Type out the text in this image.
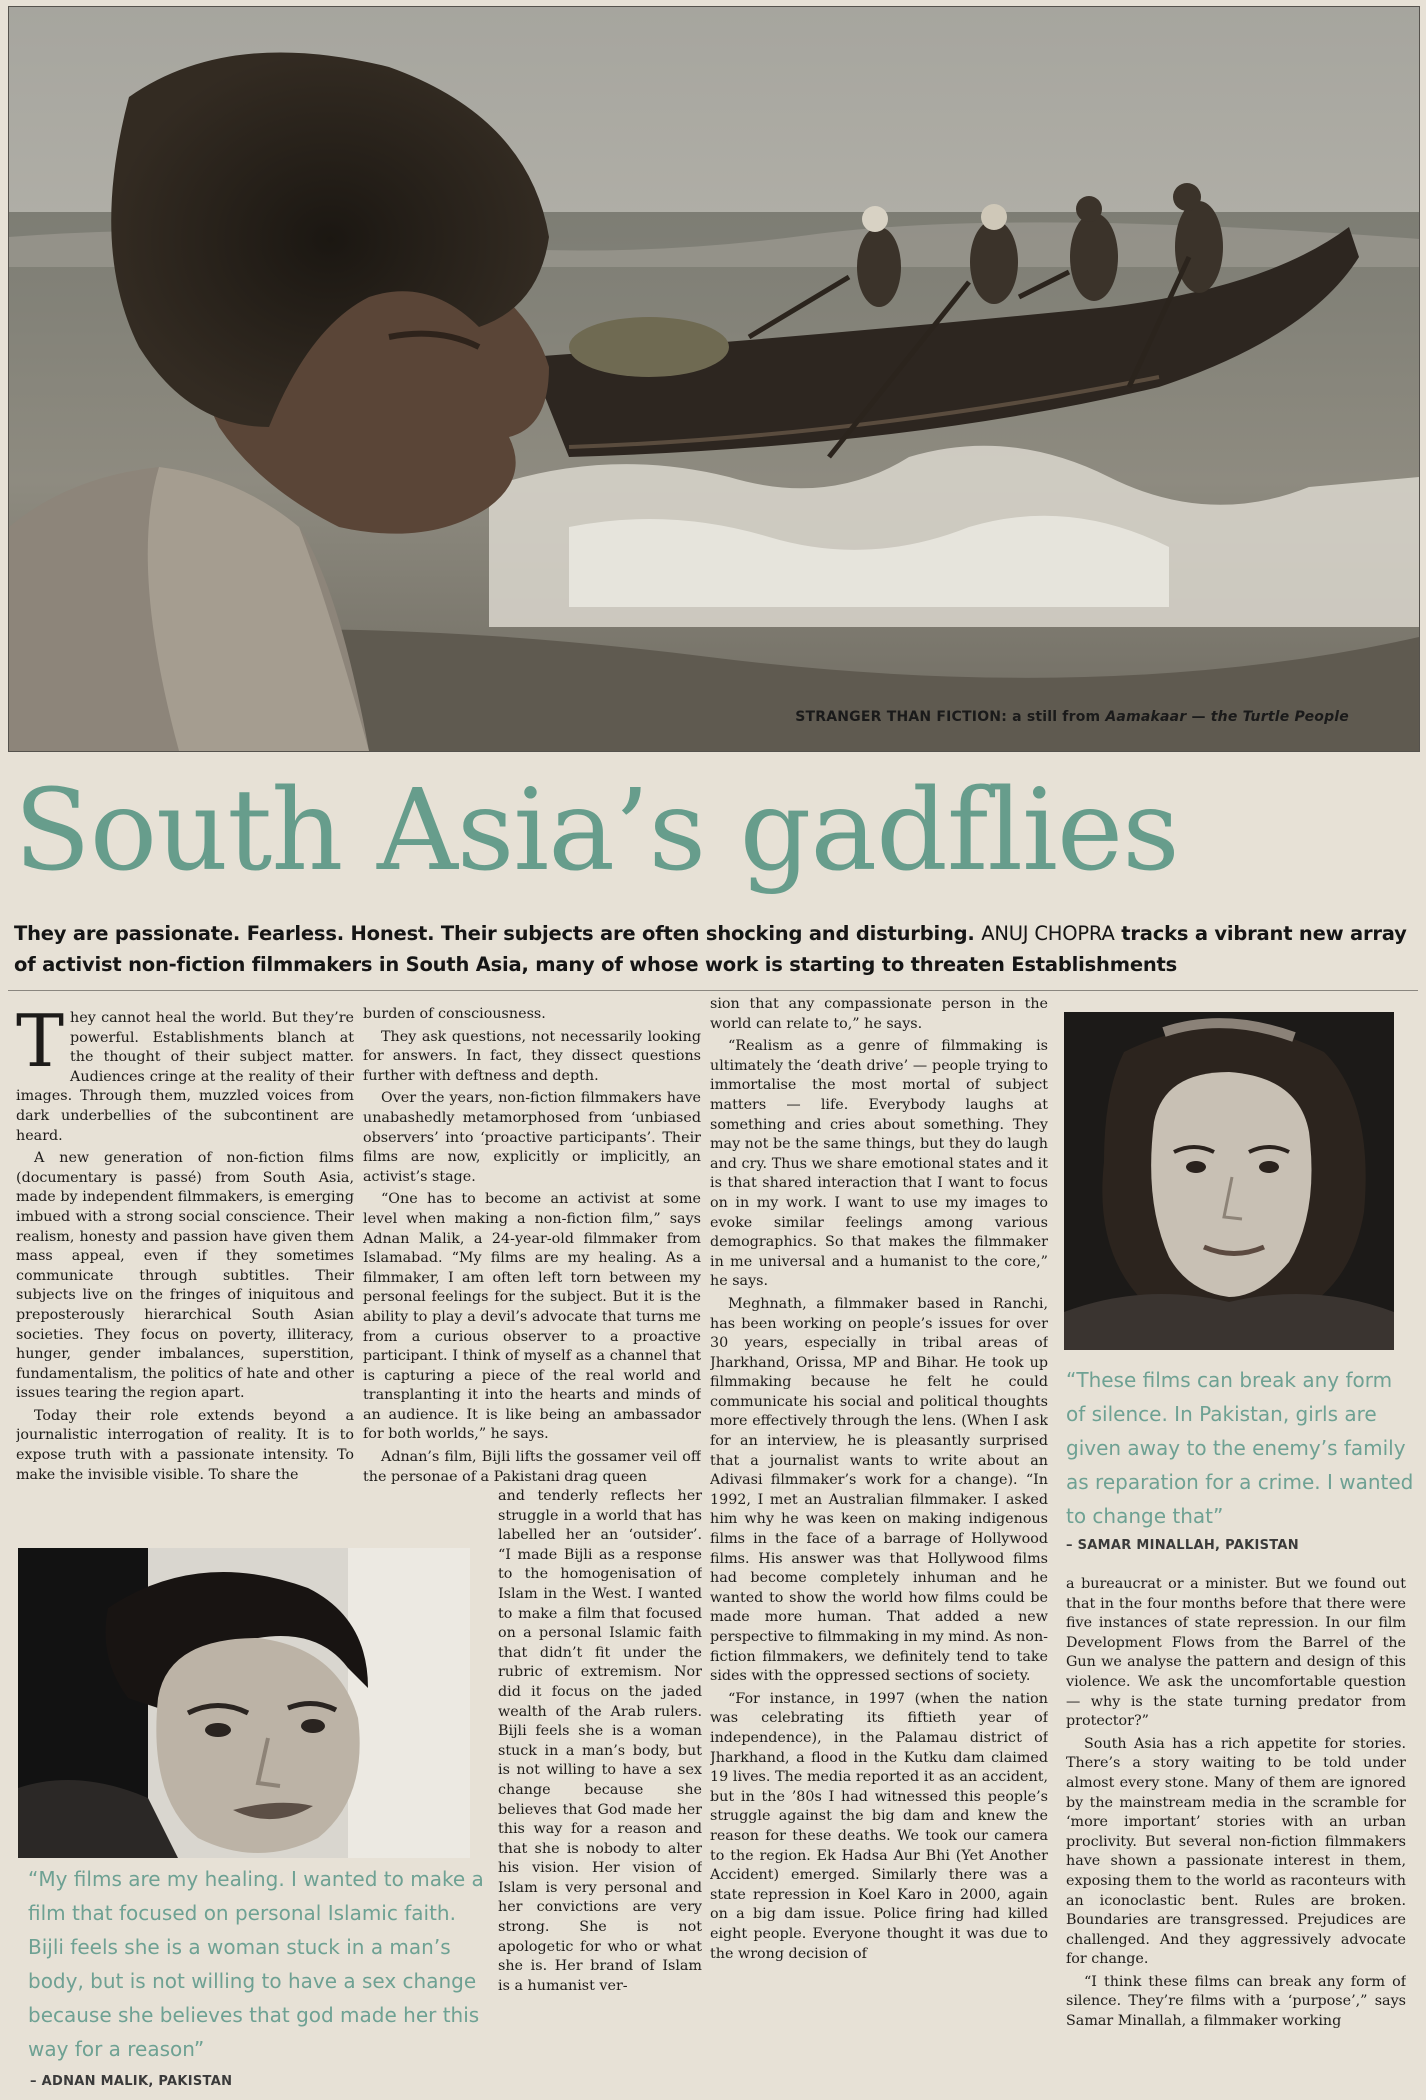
STRANGER THAN FICTION: a still from Aamakaar — the Turtle People

South Asia’s gadflies

They are passionate. Fearless. Honest. Their subjects are often shocking and disturbing. ANUJ CHOPRA tracks a vibrant new array of activist non-fiction filmmakers in South Asia, many of whose work is starting to threaten Establishments

They cannot heal the world. But they’re powerful. Establishments blanch at the thought of their subject matter. Audiences cringe at the reality of their images. Through them, muzzled voices from dark underbellies of the subcontinent are heard.

A new generation of non-fiction films (documentary is passé) from South Asia, made by independent filmmakers, is emerging imbued with a strong social conscience. Their realism, honesty and passion have given them mass appeal, even if they sometimes communicate through subtitles. Their subjects live on the fringes of iniquitous and preposterously hierarchical South Asian societies. They focus on poverty, illiteracy, hunger, gender imbalances, superstition, fundamentalism, the politics of hate and other issues tearing the region apart.

Today their role extends beyond a journalistic interrogation of reality. It is to expose truth with a passionate intensity. To make the invisible visible. To share the

“My films are my healing. I wanted to make a film that focused on personal Islamic faith. Bijli feels she is a woman stuck in a man’s body, but is not willing to have a sex change because she believes that god made her this way for a reason”

– ADNAN MALIK, PAKISTAN

burden of consciousness.

They ask questions, not necessarily looking for answers. In fact, they dissect questions further with deftness and depth.

Over the years, non-fiction filmmakers have unabashedly metamorphosed from ‘unbiased observers’ into ‘proactive participants’. Their films are now, explicitly or implicitly, an activist’s stage.

“One has to become an activist at some level when making a non-fiction film,” says Adnan Malik, a 24-year-old filmmaker from Islamabad. “My films are my healing. As a filmmaker, I am often left torn between my personal feelings for the subject. But it is the ability to play a devil’s advocate that turns me from a curious observer to a proactive participant. I think of myself as a channel that is capturing a piece of the real world and transplanting it into the hearts and minds of an audience. It is like being an ambassador for both worlds,” he says.

Adnan’s film, Bijli lifts the gossamer veil off the personae of a Pakistani drag queen

and tenderly reflects her struggle in a world that has labelled her an ‘outsider’. “I made Bijli as a response to the homogenisation of Islam in the West. I wanted to make a film that focused on a personal Islamic faith that didn’t fit under the rubric of extremism. Nor did it focus on the jaded wealth of the Arab rulers. Bijli feels she is a woman stuck in a man’s body, but is not willing to have a sex change because she believes that God made her this way for a reason and that she is nobody to alter his vision. Her vision of Islam is very personal and her convictions are very strong. She is not apologetic for who or what she is. Her brand of Islam is a humanist ver-

sion that any compassionate person in the world can relate to,” he says.

“Realism as a genre of filmmaking is ultimately the ‘death drive’ — people trying to immortalise the most mortal of subject matters — life. Everybody laughs at something and cries about something. They may not be the same things, but they do laugh and cry. Thus we share emotional states and it is that shared interaction that I want to focus on in my work. I want to use my images to evoke similar feelings among various demographics. So that makes the filmmaker in me universal and a humanist to the core,” he says.

Meghnath, a filmmaker based in Ranchi, has been working on people’s issues for over 30 years, especially in tribal areas of Jharkhand, Orissa, MP and Bihar. He took up filmmaking because he felt he could communicate his social and political thoughts more effectively through the lens. (When I ask for an interview, he is pleasantly surprised that a journalist wants to write about an Adivasi filmmaker’s work for a change). “In 1992, I met an Australian filmmaker. I asked him why he was keen on making indigenous films in the face of a barrage of Hollywood films. His answer was that Hollywood films had become completely inhuman and he wanted to show the world how films could be made more human. That added a new perspective to filmmaking in my mind. As non-fiction filmmakers, we definitely tend to take sides with the oppressed sections of society.

“For instance, in 1997 (when the nation was celebrating its fiftieth year of independence), in the Palamau district of Jharkhand, a flood in the Kutku dam claimed 19 lives. The media reported it as an accident, but in the ’80s I had witnessed this people’s struggle against the big dam and knew the reason for these deaths. We took our camera to the region. Ek Hadsa Aur Bhi (Yet Another Accident) emerged. Similarly there was a state repression in Koel Karo in 2000, again on a big dam issue. Police firing had killed eight people. Everyone thought it was due to the wrong decision of

“These films can break any form of silence. In Pakistan, girls are given away to the enemy’s family as reparation for a crime. I wanted to change that”

– SAMAR MINALLAH, PAKISTAN

a bureaucrat or a minister. But we found out that in the four months before that there were five instances of state repression. In our film Development Flows from the Barrel of the Gun we analyse the pattern and design of this violence. We ask the uncomfortable question — why is the state turning predator from protector?”

South Asia has a rich appetite for stories. There’s a story waiting to be told under almost every stone. Many of them are ignored by the mainstream media in the scramble for ‘more important’ stories with an urban proclivity. But several non-fiction filmmakers have shown a passionate interest in them, exposing them to the world as raconteurs with an iconoclastic bent. Rules are broken. Boundaries are transgressed. Prejudices are challenged. And they aggressively advocate for change.

“I think these films can break any form of silence. They’re films with a ‘purpose’,” says Samar Minallah, a filmmaker working
